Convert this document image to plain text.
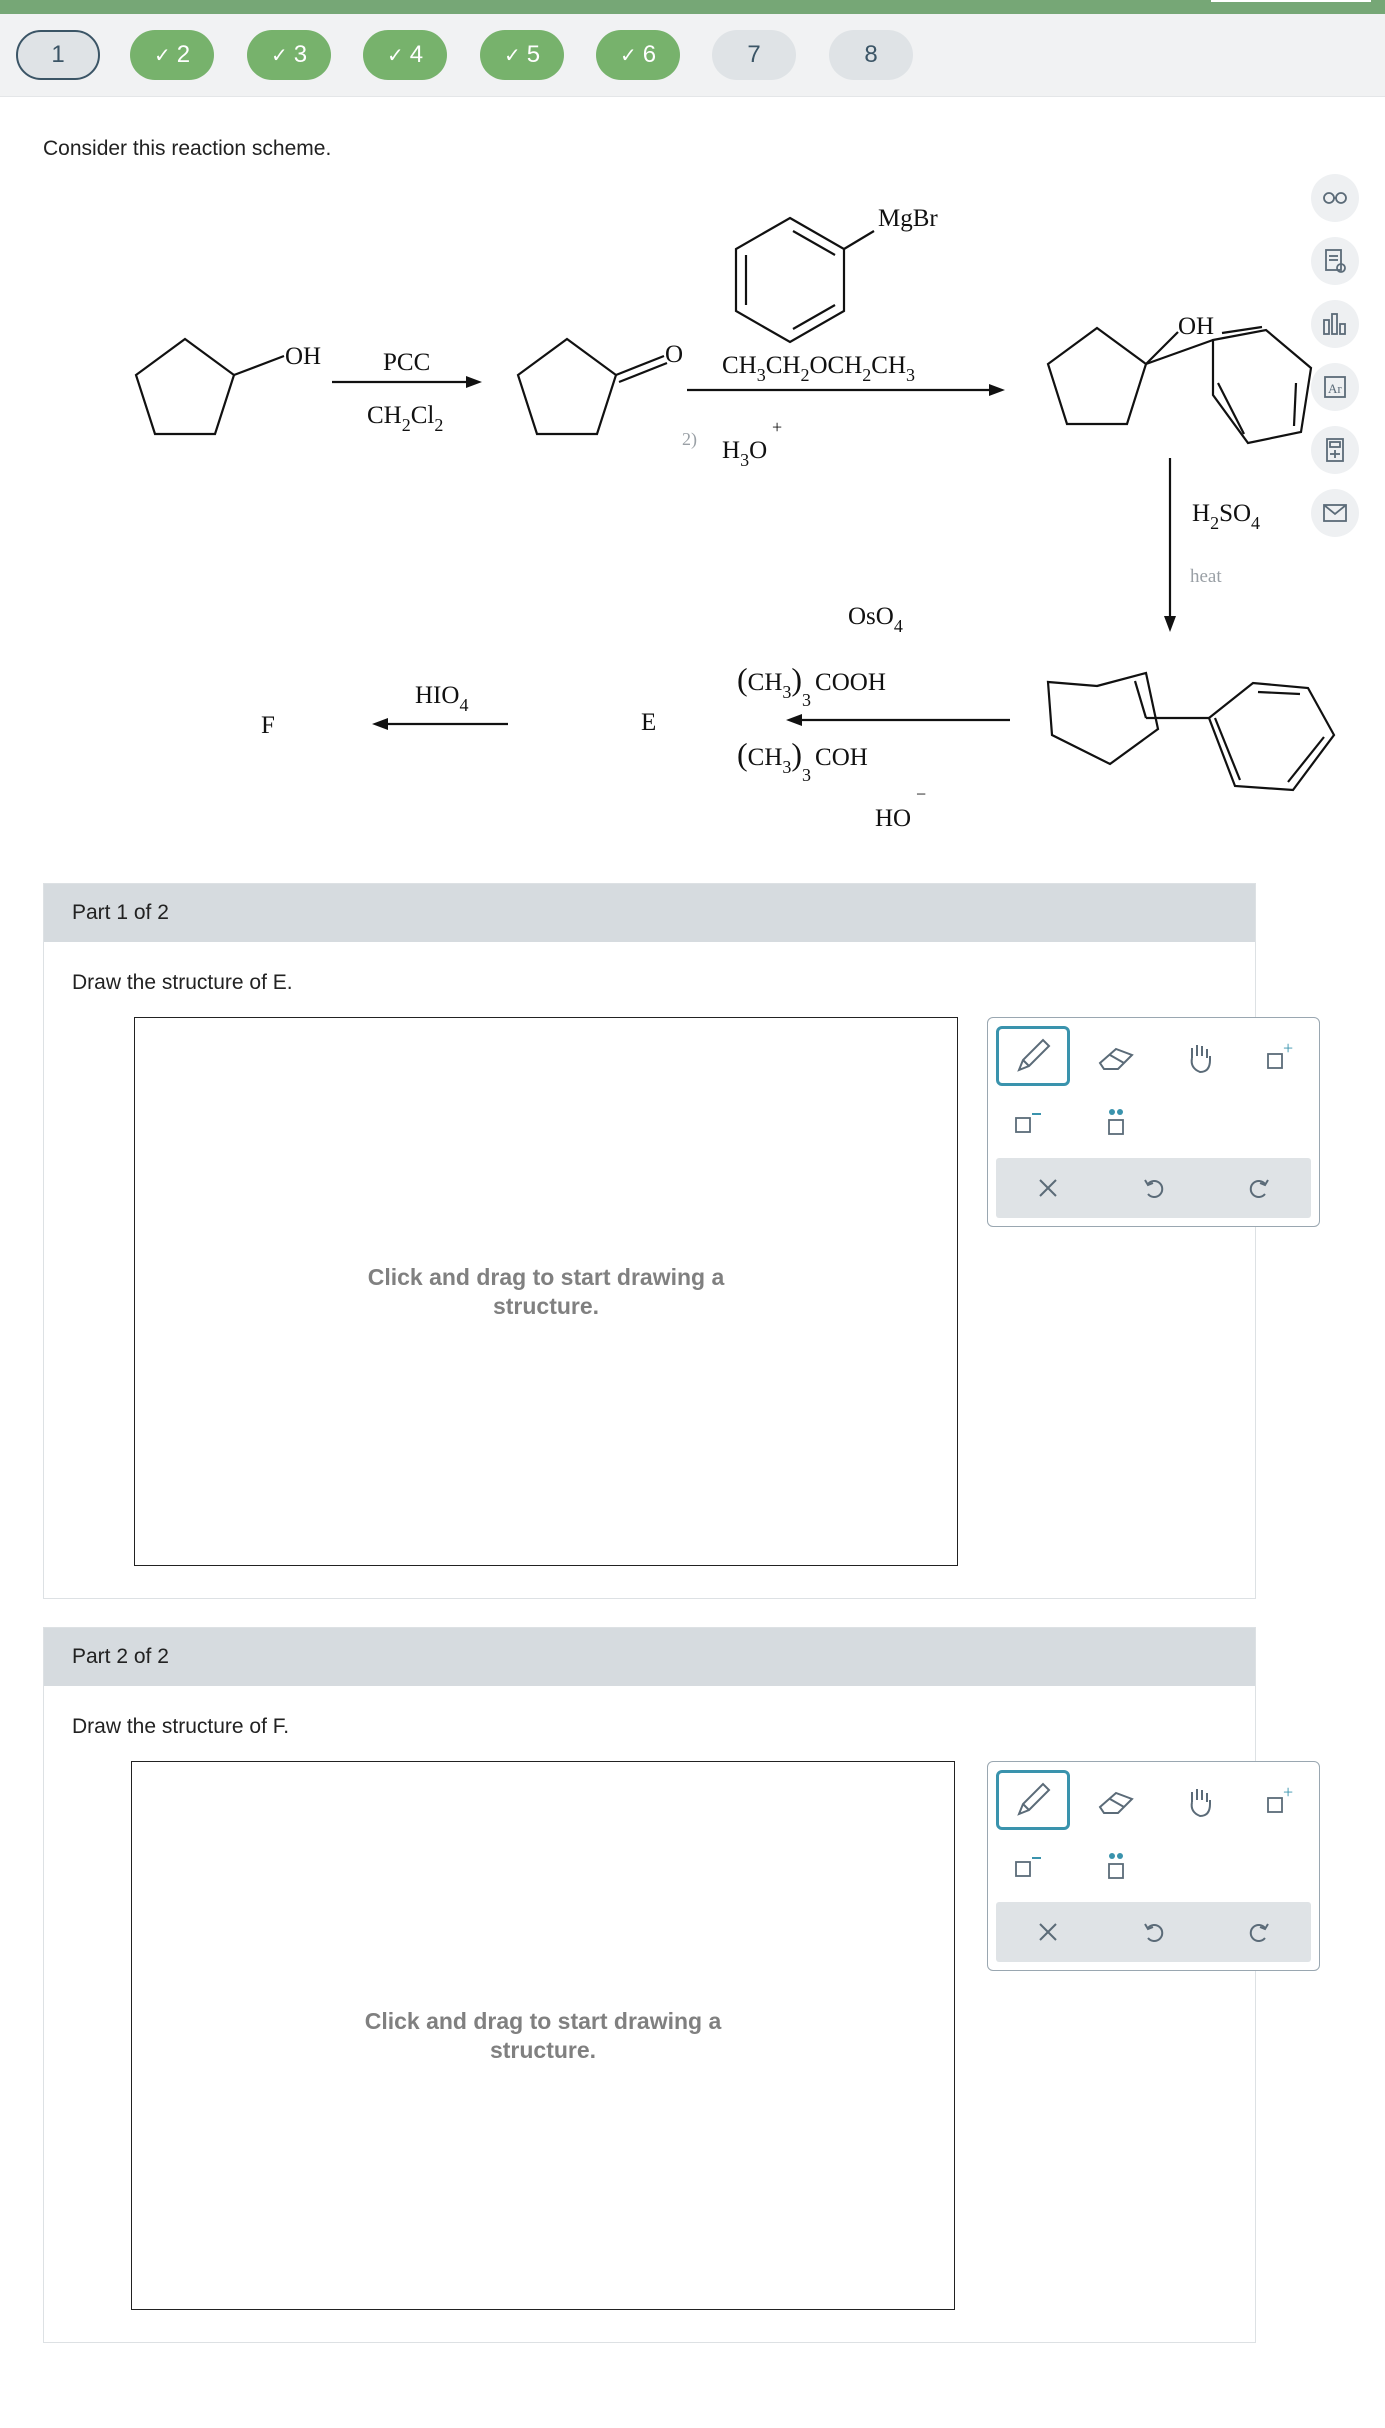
1	✓ 2	✓ 3	✓ 4	✓ 5	✓ 6	7	8
Consider this reaction scheme.
OH PCC
$CH_2Cl_2$
O
MgBr
$CH_3CH_2OCH_2CH_3$
2) $H_3O$
+
OH
$H_2SO_4$
heat
OsO$_4$
$(CH_3)_3COOH$
$(CH_3)_3COH$
HO
−
$HIO_4$
E
F
Ar
Part 1 of 2
Draw the structure of E.
Click and drag to start drawing a structure.
+
Part 2 of 2
Draw the structure of F.
Click and drag to start drawing a structure.
+
